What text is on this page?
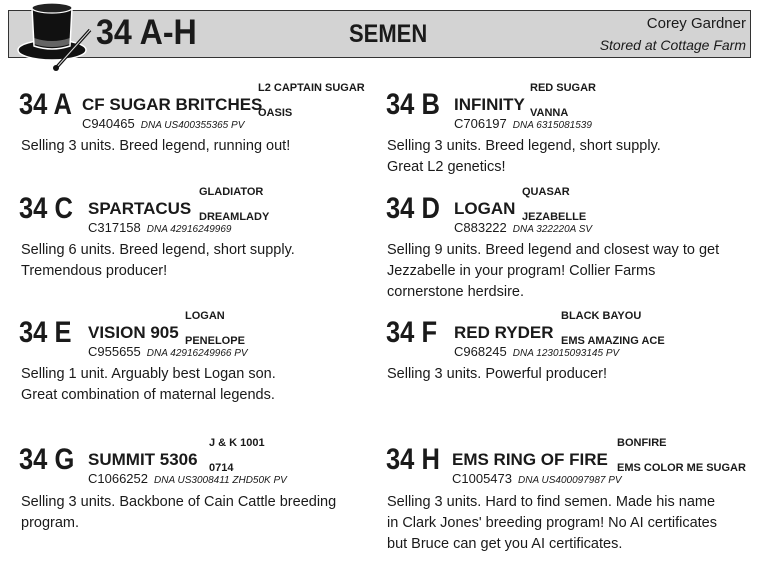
34 A-H	SEMEN	Corey Gardner
Stored at Cottage Farm
34 A CF SUGAR BRITCHES
L2 CAPTAIN SUGAR
OASIS
C940465 DNA US400355365 PV
Selling 3 units. Breed legend, running out!
34 B INFINITY
RED SUGAR
VANNA
C706197 DNA 6315081539
Selling 3 units. Breed legend, short supply.
Great L2 genetics!
34 C SPARTACUS
GLADIATOR
DREAMLADY
C317158 DNA 42916249969
Selling 6 units. Breed legend, short supply.
Tremendous producer!
34 D LOGAN
QUASAR
JEZABELLE
C883222 DNA 322220A SV
Selling 9 units. Breed legend and closest way to get
Jezzabelle in your program! Collier Farms
cornerstone herdsire.
34 E VISION 905
LOGAN
PENELOPE
C955655 DNA 42916249966 PV
Selling 1 unit. Arguably best Logan son.
Great combination of maternal legends.
34 F RED RYDER
BLACK BAYOU
EMS AMAZING ACE
C968245 DNA 123015093145 PV
Selling 3 units. Powerful producer!
34 G SUMMIT 5306
J & K 1001
0714
C1066252 DNA US3008411 ZHD50K PV
Selling 3 units. Backbone of Cain Cattle breeding
program.
34 H EMS RING OF FIRE
BONFIRE
EMS COLOR ME SUGAR
C1005473 DNA US400097987 PV
Selling 3 units. Hard to find semen. Made his name
in Clark Jones' breeding program! No AI certificates
but Bruce can get you AI certificates.
